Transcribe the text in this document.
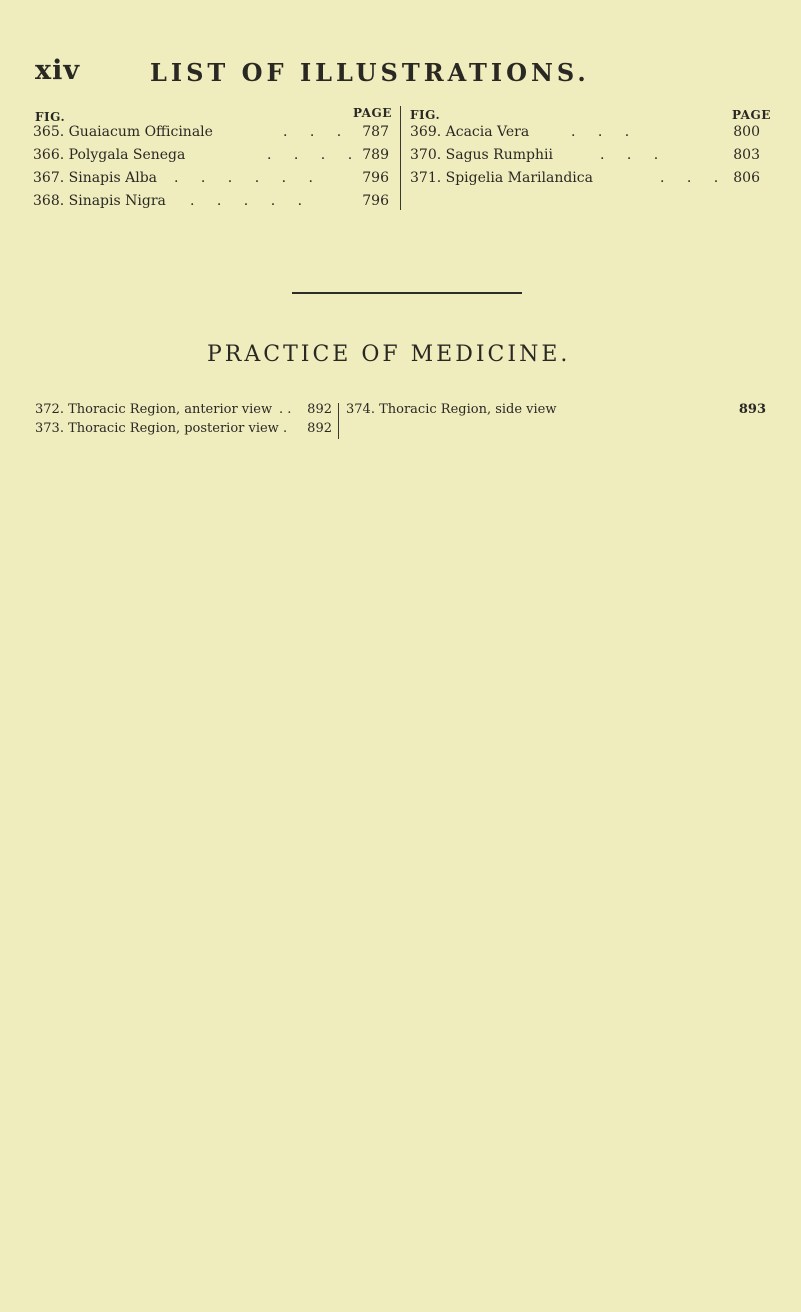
xiv	LIST OF ILLUSTRATIONS.
FIG.	PAGE
365. Guaiacum Officinale	. . . 787
366. Polygala Senega	. . . . 789
367. Sinapis Alba . . . . . .	796
368. Sinapis Nigra . . . . .	796
FIG.	PAGE
369. Acacia Vera	. . .	800
370. Sagus Rumphii	. . .	803
371. Spigelia Marilandica	. . . 806
PRACTICE OF MEDICINE.
372. Thoracic Region, anterior view . .	892
373. Thoracic Region, posterior view .	892
374. Thoracic Region, side view	893
